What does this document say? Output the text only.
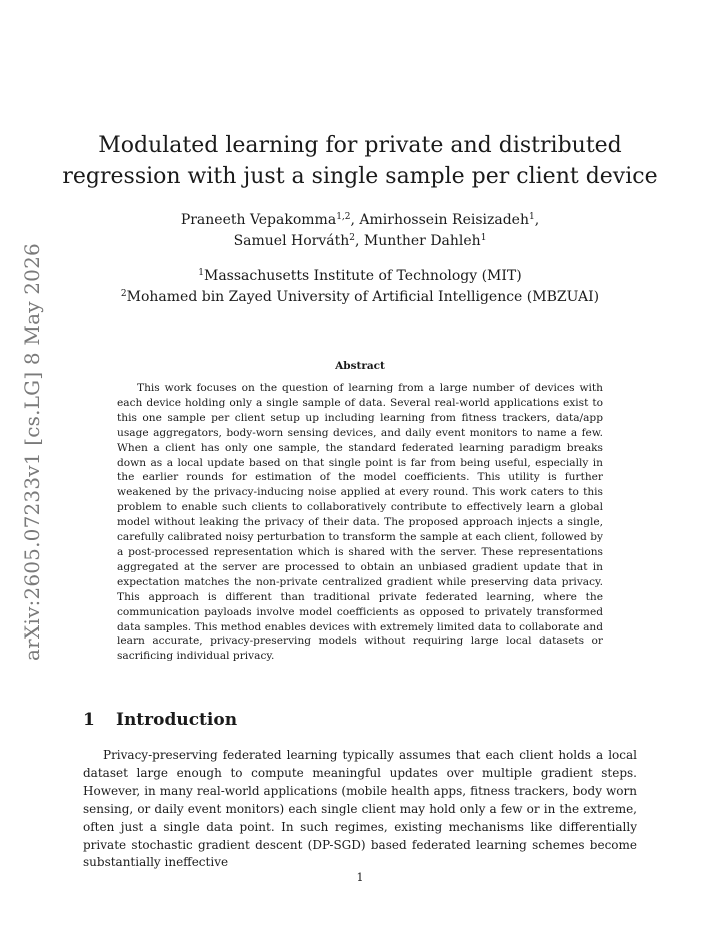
arXiv:2605.07233v1 [cs.LG] 8 May 2026
Modulated learning for private and distributed
regression with just a single sample per client device
Praneeth Vepakomma$^{1,2}$, Amirhossein Reisizadeh$^1$,
Samuel Horváth$^2$, Munther Dahleh$^1$
$^1$Massachusetts Institute of Technology (MIT)
$^2$Mohamed bin Zayed University of Artificial Intelligence (MBZUAI)
Abstract

This work focuses on the question of learning from a large number of devices with each device holding only a single sample of data. Several real-world applications exist to this one sample per client setup up including learning from fitness trackers, data/app usage aggregators, body-worn sensing devices, and daily event monitors to name a few. When a client has only one sample, the standard federated learning paradigm breaks down as a local update based on that single point is far from being useful, especially in the earlier rounds for estimation of the model coefficients. This utility is further weakened by the privacy-inducing noise applied at every round. This work caters to this problem to enable such clients to collaboratively contribute to effectively learn a global model without leaking the privacy of their data. The proposed approach injects a single, carefully calibrated noisy perturbation to transform the sample at each client, followed by a post-processed representation which is shared with the server. These representations aggregated at the server are processed to obtain an unbiased gradient update that in expectation matches the non-private centralized gradient while preserving data privacy. This approach is different than traditional private federated learning, where the communication payloads involve model coefficients as opposed to privately transformed data samples. This method enables devices with extremely limited data to collaborate and learn accurate, privacy-preserving models without requiring large local datasets or sacrificing individual privacy.

1 Introduction

Privacy-preserving federated learning typically assumes that each client holds a local dataset large enough to compute meaningful updates over multiple gradient steps. However, in many real-world applications (mobile health apps, fitness trackers, body worn sensing, or daily event monitors) each single client may hold only a few or in the extreme, often just a single data point. In such regimes, existing mechanisms like differentially private stochastic gradient descent (DP-SGD) based federated learning schemes become substantially ineffective

1
